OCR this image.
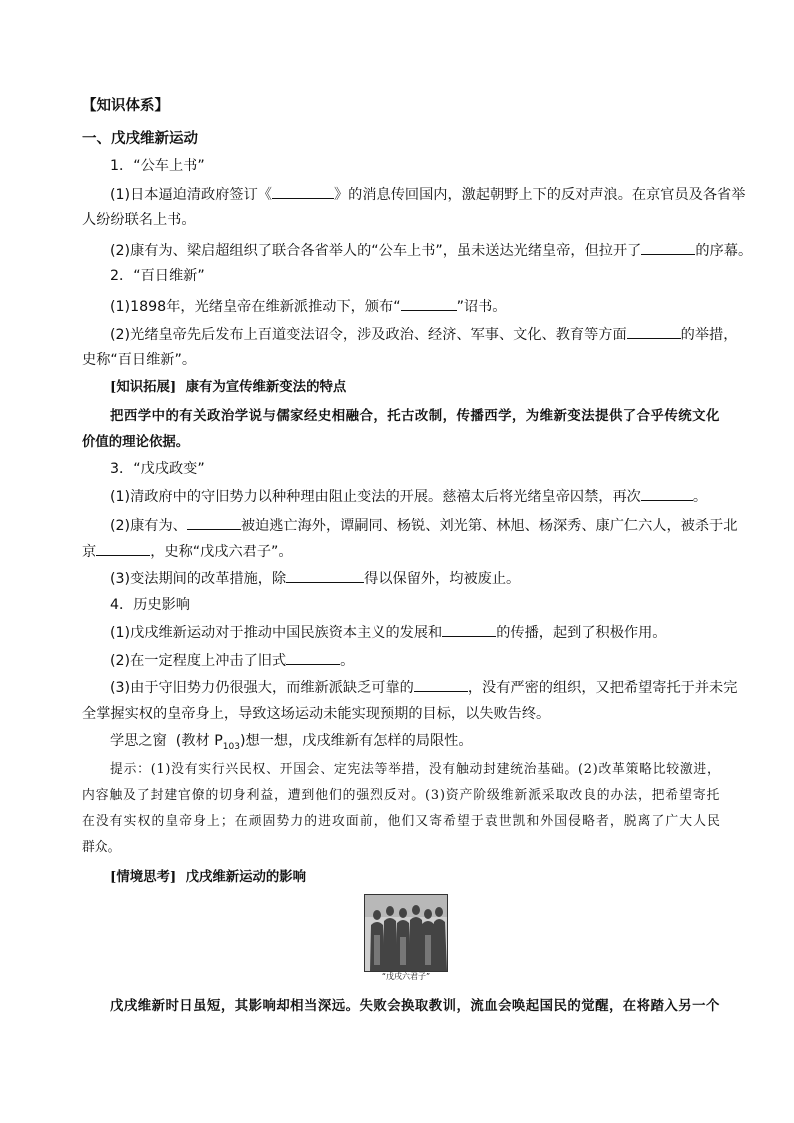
【知识体系】
一、戊戌维新运动
1．“公车上书”
(1)日本逼迫清政府签订《	》的消息传回国内，激起朝野上下的反对声浪。在京官员及各省举
人纷纷联名上书。
(2)康有为、梁启超组织了联合各省举人的“公车上书”，虽未送达光绪皇帝，但拉开了	的序幕。
2．“百日维新”
(1)1898年，光绪皇帝在维新派推动下，颁布“	”诏书。
(2)光绪皇帝先后发布上百道变法诏令，涉及政治、经济、军事、文化、教育等方面	的举措，
史称“百日维新”。
[知识拓展] 康有为宣传维新变法的特点
把 西 学 中 的 有 关 政 治 学 说 与 儒 家 经 史 相 融 合 ， 托 古 改 制 ， 传 播 西 学 ， 为 维 新 变 法 提 供 了 合 乎 传 统 文 化
价值的理论依据。
3．“戊戌政变”
(1)清政府中的守旧势力以种种理由阻止变法的开展。慈禧太后将光绪皇帝囚禁，再次	。
(2)康有为、	被迫逃亡海外，谭嗣同、杨锐、刘光第、林旭、杨深秀、康广仁六人，被杀于北
京	，史称“戊戌六君子”。
(3)变法期间的改革措施，除	得以保留外，均被废止。
4．历史影响
(1)戊戌维新运动对于推动中国民族资本主义的发展和	的传播，起到了积极作用。
(2)在一定程度上冲击了旧式	。
(3)由于守旧势力仍很强大，而维新派缺乏可靠的	，没有严密的组织，又把希望寄托于并未完
全掌握实权的皇帝身上，导致这场运动未能实现预期的目标，以失败告终。
学思之窗 (教材 $P_{103}$)想一想，戊戌维新有怎样的局限性。
提 示 ： ( 1 ) 没 有 实 行 兴 民 权 、 开 国 会 、 定 宪 法 等 举 措 ， 没 有 触 动 封 建 统 治 基 础 。 ( 2 ) 改 革 策 略 比 较 激 进 ，
内 容 触 及 了 封 建 官 僚 的 切 身 利 益 ， 遭 到 他 们 的 强 烈 反 对 。 ( 3 ) 资 产 阶 级 维 新 派 采 取 改 良 的 办 法 ， 把 希 望 寄 托
在 没 有 实 权 的 皇 帝 身 上 ； 在 顽 固 势 力 的 进 攻 面 前 ， 他 们 又 寄 希 望 于 袁 世 凯 和 外 国 侵 略 者 ， 脱 离 了 广 大 人 民
群众。
[情境思考] 戊戌维新运动的影响
“戊戌六君子”
戊 戌 维 新 时 日 虽 短 ， 其 影 响 却 相 当 深 远 。 失 败 会 换 取 教 训 ， 流 血 会 唤 起 国 民 的 觉 醒 ， 在 将 踏 入 另 一 个
